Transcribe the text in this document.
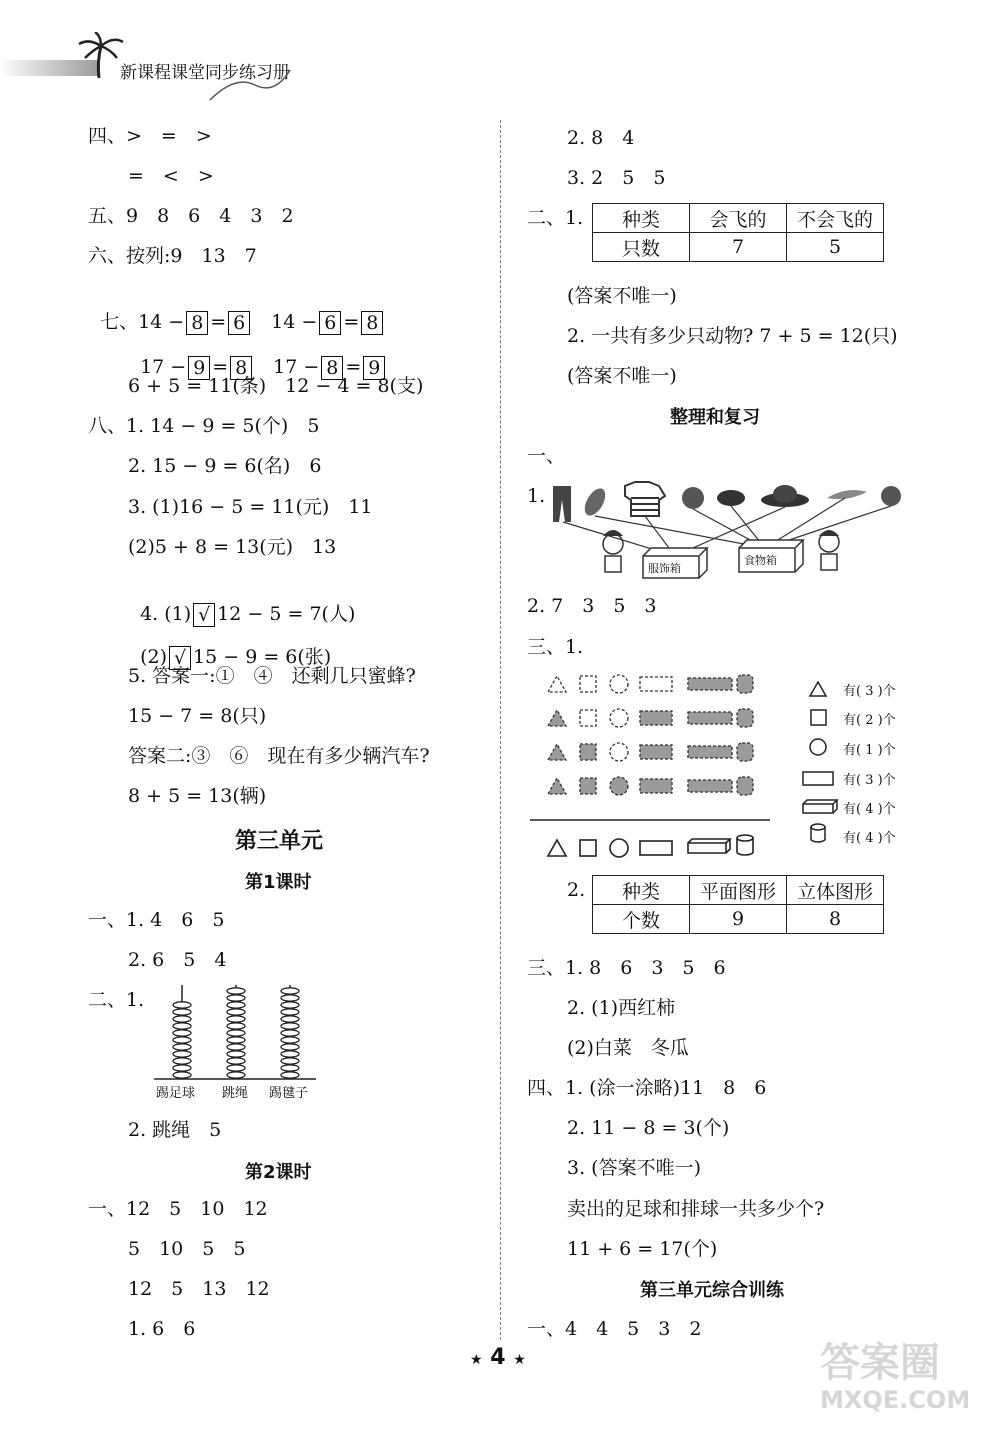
新课程课堂同步练习册
四、>　=　>
=　<　>
五、9　8　6　4　3　2
六、按列:9　13　7

七、14 − 8 = 6　 14 − 6 = 8

17 − 9 = 8　 17 − 8 = 9

6 + 5 = 11(条)　12 − 4 = 8(支)
八、1. 14 − 9 = 5(个)　5
2. 15 − 9 = 6(名)　6
3. (1)16 − 5 = 11(元)　11
(2)5 + 8 = 13(元)　13

4. (1) √ 12 − 5 = 7(人)

(2) √ 15 − 9 = 6(张)

5. 答案一:①　④　还剩几只蜜蜂?
15 − 7 = 8(只)
答案二:③　⑥　现在有多少辆汽车?
8 + 5 = 13(辆)
第三单元
第1课时
一、1. 4　6　5
2. 6　5　4
二、1.
踢足球 跳绳 踢毽子
2. 跳绳　5
第2课时
一、12　5　10　12
5　10　5　5
12　5　13　12
1. 6　6
2. 8　4
3. 2　5　5
二、1. 种类	会飞的	不会飞的
只数	7	5
(答案不唯一)
2. 一共有多少只动物? 7 + 5 = 12(只)
(答案不唯一)
整理和复习
一、
1.
服饰箱
食物箱
2. 7　3　5　3
三、1.
有( 3 )个
有( 2 )个
有( 1 )个
有( 3 )个
有( 4 )个
有( 4 )个
2. 种类	平面图形	立体图形
个数	9	8
三、1. 8　6　3　5　6
2. (1)西红柿
(2)白菜　冬瓜
四、1. (涂一涂略)11　8　6
2. 11 − 8 = 3(个)
3. (答案不唯一)
卖出的足球和排球一共多少个?
11 + 6 = 17(个)
第三单元综合训练
一、4　4　5　3　2
★ 4 ★	答案圈
MXQE.COM
